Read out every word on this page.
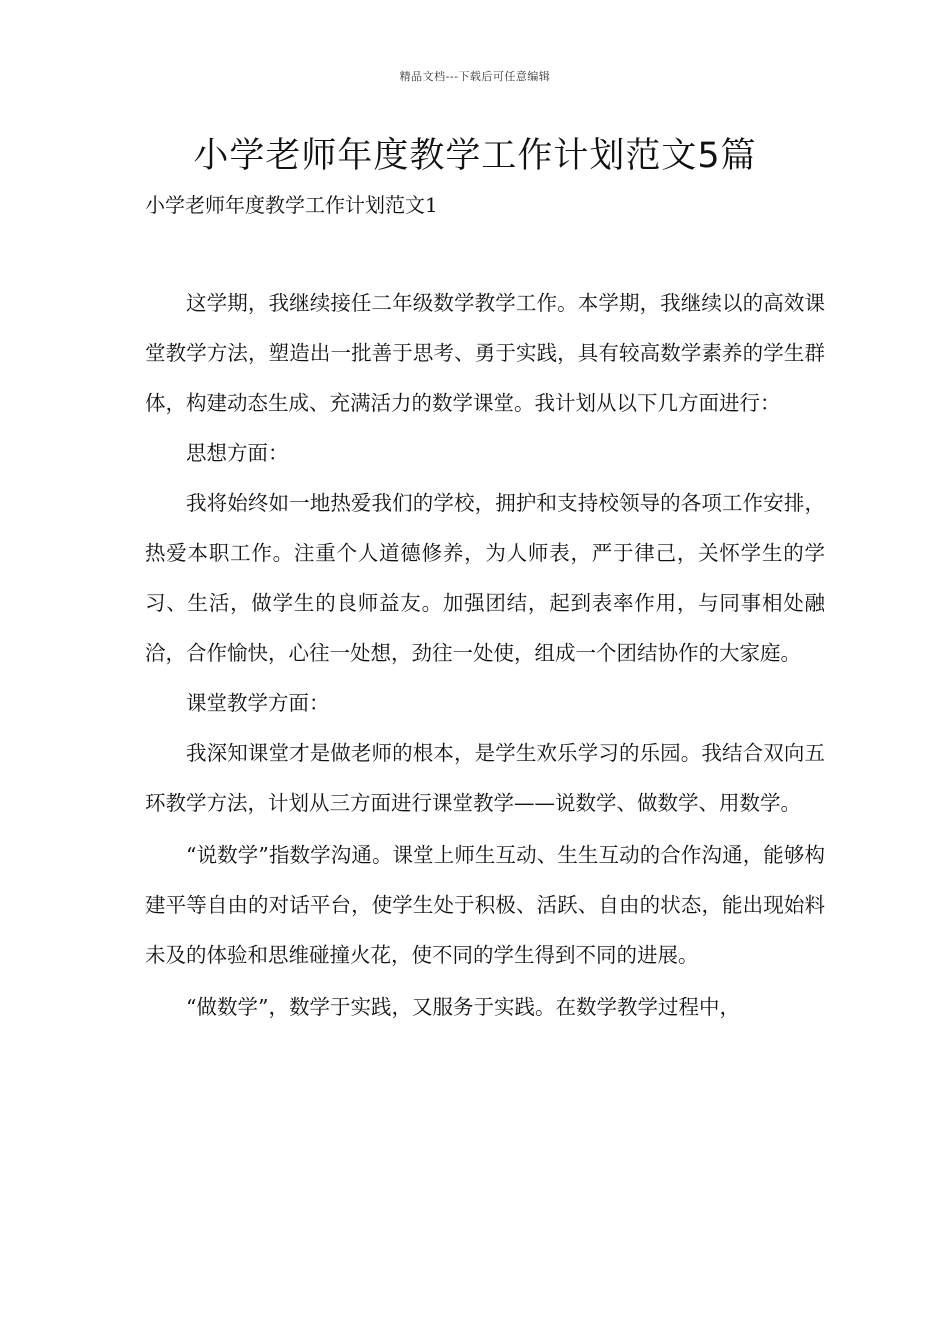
精品文档---下载后可任意编辑
小学老师年度教学工作计划范文5篇

小学老师年度教学工作计划范文1

这学期，我继续接任二年级数学教学工作。本学期，我继续以的高效课堂教学方法，塑造出一批善于思考、勇于实践，具有较高数学素养的学生群体，构建动态生成、充满活力的数学课堂。我计划从以下几方面进行：

思想方面：

我将始终如一地热爱我们的学校，拥护和支持校领导的各项工作安排，热爱本职工作。注重个人道德修养，为人师表，严于律己，关怀学生的学习、生活，做学生的良师益友。加强团结，起到表率作用，与同事相处融洽，合作愉快，心往一处想，劲往一处使，组成一个团结协作的大家庭。

课堂教学方面：

我深知课堂才是做老师的根本，是学生欢乐学习的乐园。我结合双向五环教学方法，计划从三方面进行课堂教学——说数学、做数学、用数学。

“说数学”指数学沟通。课堂上师生互动、生生互动的合作沟通，能够构建平等自由的对话平台，使学生处于积极、活跃、自由的状态，能出现始料未及的体验和思维碰撞火花，使不同的学生得到不同的进展。

“做数学”，数学于实践，又服务于实践。在数学教学过程中，
